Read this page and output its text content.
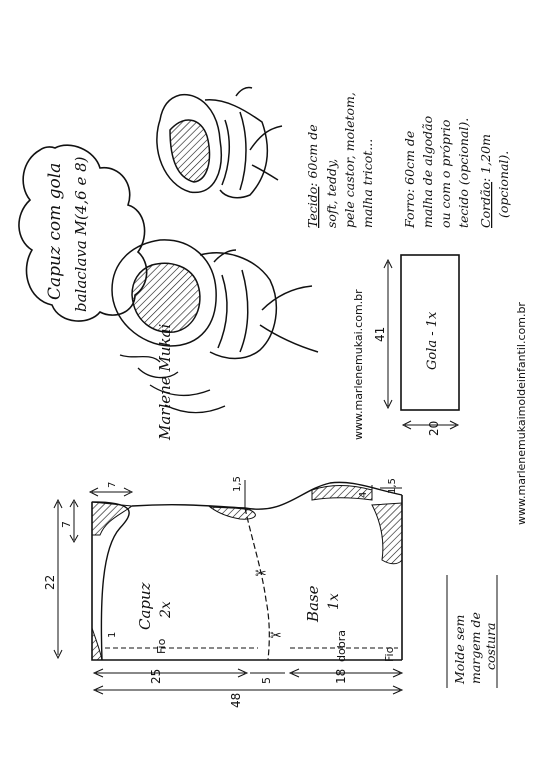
Capuz com gola balaclava M(4,6 e 8)
Marlene Mukai	www.marlenemukai.com.br
Tecido: 60cm de
soft, teddy, pele castor, moletom, malha tricot... Forro: 60cm de malha de algodão ou com o próprio tecido (opcional). Cordão: 1,20m (opcional).
Gola - 1x
41
20	www.marlenemukaimoldeinfantil.com.br
✂
✂
Fio	dobra	Fio
Capuz 2x	Base 1x
48
25	5	18
22
7
7	1,5
4
1,5
1	Molde sem margem de costura
